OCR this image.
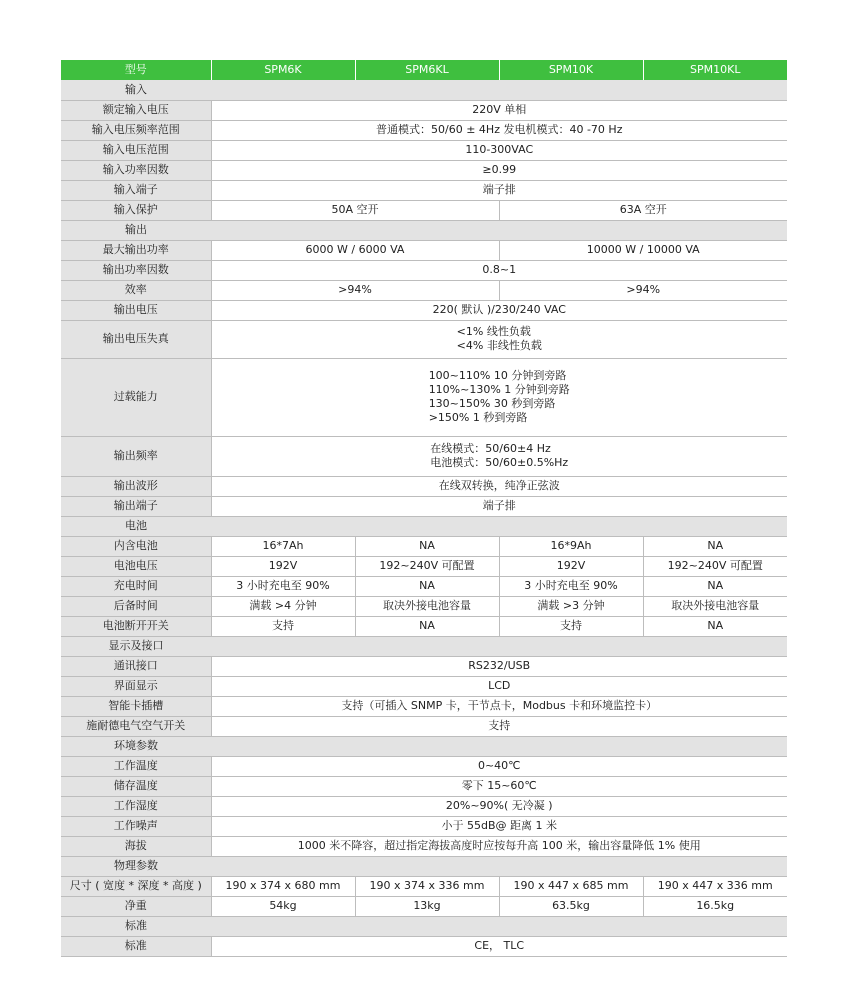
型号	SPM6K	SPM6KL	SPM10K	SPM10KL
输入				
额定输入电压	220V 单相			

输入电压频率范围	普通模式：50/60 ± 4Hz 发电机模式：40 -70 Hz			

输入电压范围	110-300VAC			

输入功率因数	≥0.99			

输入端子	端子排			

输入保护	50A 空开		63A 空开	

输出				
最大输出功率	6000 W / 6000 VA		10000 W / 10000 VA	

输出功率因数	0.8~1			

效率	>94%		>94%	

输出电压	220( 默认 )/230/240 VAC			

输出电压失真	<1% 线性负载
<4% 非线性负载			

过载能力	100~110% 10 分钟到旁路
110%~130% 1 分钟到旁路
130~150% 30 秒到旁路
>150% 1 秒到旁路			

输出频率	在线模式：50/60±4 Hz
电池模式：50/60±0.5%Hz			

输出波形	在线双转换，纯净正弦波			

输出端子	端子排			

电池				
内含电池	16*7Ah	NA	16*9Ah	NA

电池电压	192V	192~240V 可配置	192V	192~240V 可配置

充电时间	3 小时充电至 90%	NA	3 小时充电至 90%	NA

后备时间	满载 >4 分钟	取决外接电池容量	满载 >3 分钟	取决外接电池容量

电池断开开关	支持	NA	支持	NA

显示及接口				
通讯接口	RS232/USB			

界面显示	LCD			

智能卡插槽	支持（可插入 SNMP 卡，干节点卡，Modbus 卡和环境监控卡）			

施耐德电气空气开关	支持			

环境参数				
工作温度	0~40℃			

储存温度	零下 15~60℃			

工作湿度	20%~90%( 无冷凝 )			

工作噪声	小于 55dB@ 距离 1 米			

海拔	1000 米不降容，超过指定海拔高度时应按每升高 100 米，输出容量降低 1% 使用			

物理参数				
尺寸 ( 宽度 * 深度 * 高度 )	190 x 374 x 680 mm	190 x 374 x 336 mm	190 x 447 x 685 mm	190 x 447 x 336 mm

净重	54kg	13kg	63.5kg	16.5kg

标准				
标准	CE， TLC			
